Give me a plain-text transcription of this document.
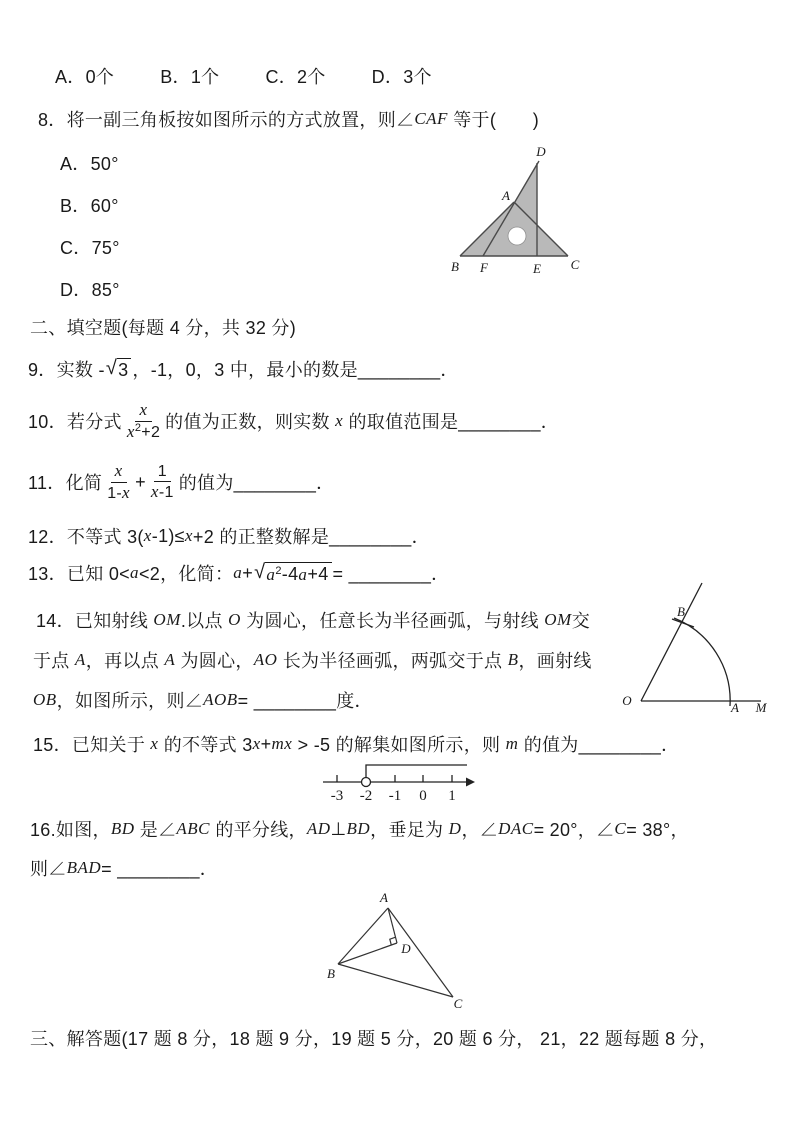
A．0个	B．1个	C．2个	D．3个
8．将一副三角板按如图所示的方式放置，则∠ CAF 等于(　　)
D
A
B F	E C
A．50°
B．60°
C．75°
D．85°
二、填空题(每题 4 分，共 32 分)
9．实数 - √ 3 ，-1，0，3 中，最小的数是________．
10．若分式 $\frac{x}{x^2+2}$ 的值为正数，则实数 x 的取值范围是________．
11．化简 $\frac{x}{1-x} + \frac{1}{x-1}$ 的值为________．
12．不等式 3( x -1)≤ x +2 的正整数解是________．
13．已知 0< a <2，化简： a + √ $a^2-4a+4$ = ________．
14．已知射线 OM .以点 O 为圆心，任意长为半径画弧，与射线 OM 交
于点 A ，再以点 A 为圆心， AO 长为半径画弧，两弧交于点 B ，画射线
OB ，如图所示，则∠ AOB = ________度．	O
B
A M
15．已知关于 x 的不等式 3 x + mx > -5 的解集如图所示，则 m 的值为________．
-3 -2 -1 0 1
16.如图， BD 是∠ ABC 的平分线， AD ⊥ BD ，垂足为 D ，∠ DAC = 20°，∠ C = 38°，
则∠ BAD = ________．
A
B
C
D
三、解答题(17 题 8 分，18 题 9 分，19 题 5 分，20 题 6 分， 21，22 题每题 8 分，
